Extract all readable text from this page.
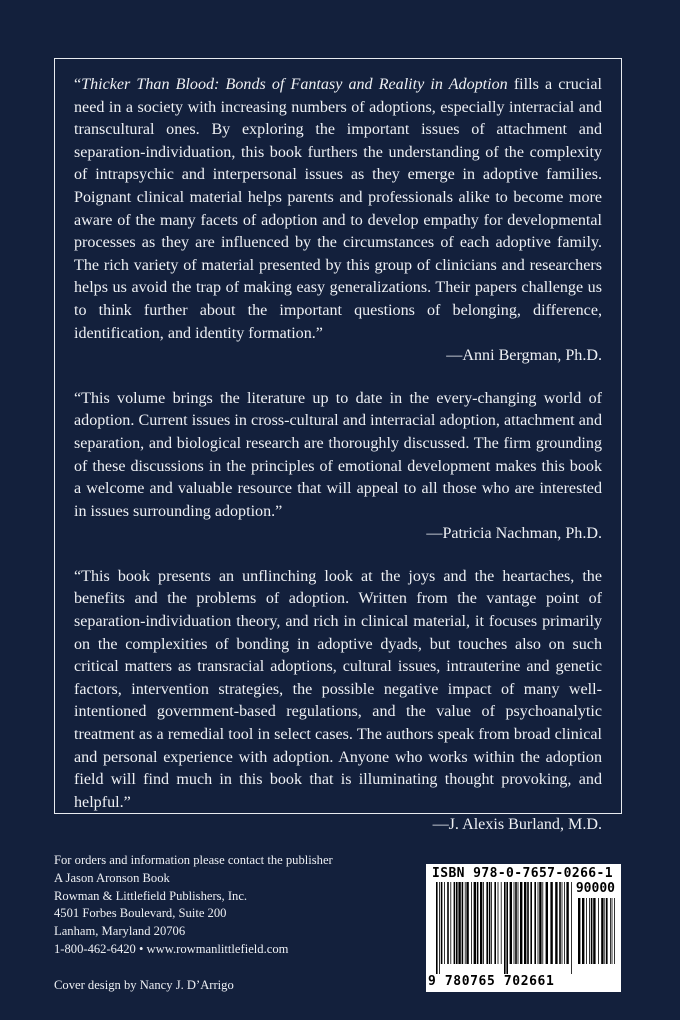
“Thicker Than Blood: Bonds of Fantasy and Reality in Adoption fills a crucial need in a society with increasing numbers of adoptions, especially interracial and transcultural ones. By exploring the important issues of attachment and separation-individuation, this book furthers the understanding of the complexity of intrapsychic and interpersonal issues as they emerge in adoptive families. Poignant clinical material helps parents and professionals alike to become more aware of the many facets of adoption and to develop empathy for developmental processes as they are influenced by the circumstances of each adoptive family. The rich variety of material presented by this group of clinicians and researchers helps us avoid the trap of making easy generalizations. Their papers challenge us to think further about the important questions of belonging, difference, identification, and identity formation.”

—Anni Bergman, Ph.D.

“This volume brings the literature up to date in the every-changing world of adoption. Current issues in cross-cultural and interracial adoption, attachment and separation, and biological research are thoroughly discussed. The firm grounding of these discussions in the principles of emotional development makes this book a welcome and valuable resource that will appeal to all those who are interested in issues surrounding adoption.”

—Patricia Nachman, Ph.D.

“This book presents an unflinching look at the joys and the heartaches, the benefits and the problems of adoption. Written from the vantage point of separation-individuation theory, and rich in clinical material, it focuses primarily on the complexities of bonding in adoptive dyads, but touches also on such critical matters as transracial adoptions, cultural issues, intrauterine and genetic factors, intervention strategies, the possible negative impact of many well-intentioned government-based regulations, and the value of psychoanalytic treatment as a remedial tool in select cases. The authors speak from broad clinical and personal experience with adoption. Anyone who works within the adoption field will find much in this book that is illuminating thought provoking, and helpful.”

—J. Alexis Burland, M.D.
For orders and information please contact the publisher
A Jason Aronson Book
Rowman & Littlefield Publishers, Inc.
4501 Forbes Boulevard, Suite 200
Lanham, Maryland 20706
1-800-462-6420 • www.rowmanlittlefield.com
Cover design by Nancy J. D’Arrigo
ISBN 978-0-7657-0266-1
90000
9 780765 702661
